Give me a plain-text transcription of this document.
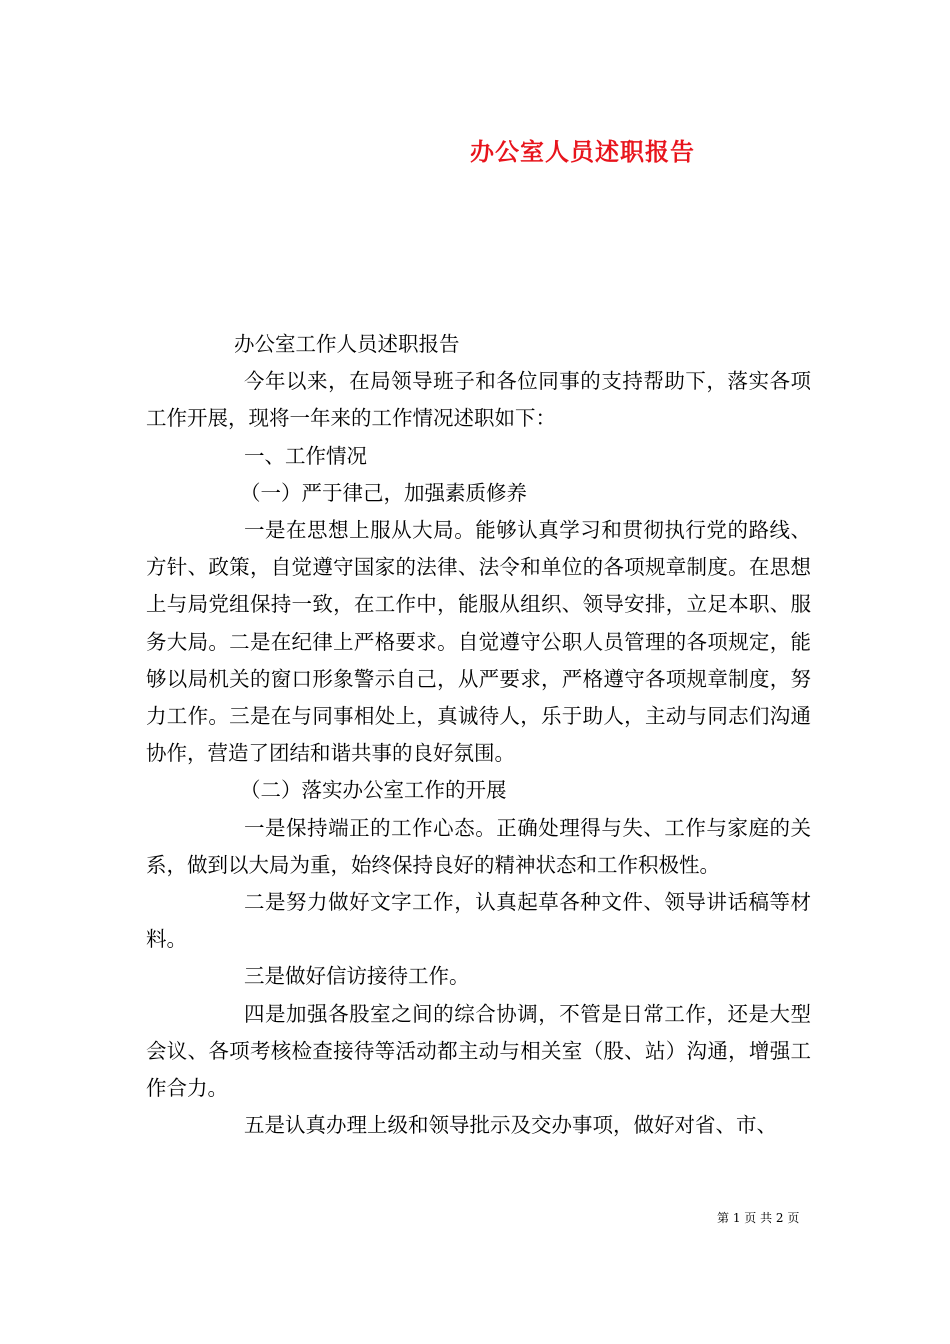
办公室人员述职报告

办公室工作人员述职报告

今年以来，在局领导班子和各位同事的支持帮助下，落实各项工作开展，现将一年来的工作情况述职如下：

一、工作情况

（一）严于律己，加强素质修养

一是在思想上服从大局。能够认真学习和贯彻执行党的路线、方针、政策，自觉遵守国家的法律、法令和单位的各项规章制度。在思想上与局党组保持一致，在工作中，能服从组织、领导安排，立足本职、服务大局。二是在纪律上严格要求。自觉遵守公职人员管理的各项规定，能够以局机关的窗口形象警示自己，从严要求，严格遵守各项规章制度，努力工作。三是在与同事相处上，真诚待人，乐于助人，主动与同志们沟通协作，营造了团结和谐共事的良好氛围。

（二）落实办公室工作的开展

一是保持端正的工作心态。正确处理得与失、工作与家庭的关系，做到以大局为重，始终保持良好的精神状态和工作积极性。

二是努力做好文字工作，认真起草各种文件、领导讲话稿等材料。

三是做好信访接待工作。

四是加强各股室之间的综合协调，不管是日常工作，还是大型会议、各项考核检查接待等活动都主动与相关室（股、站）沟通，增强工作合力。

五是认真办理上级和领导批示及交办事项，做好对省、市、

第 1 页 共 2 页
